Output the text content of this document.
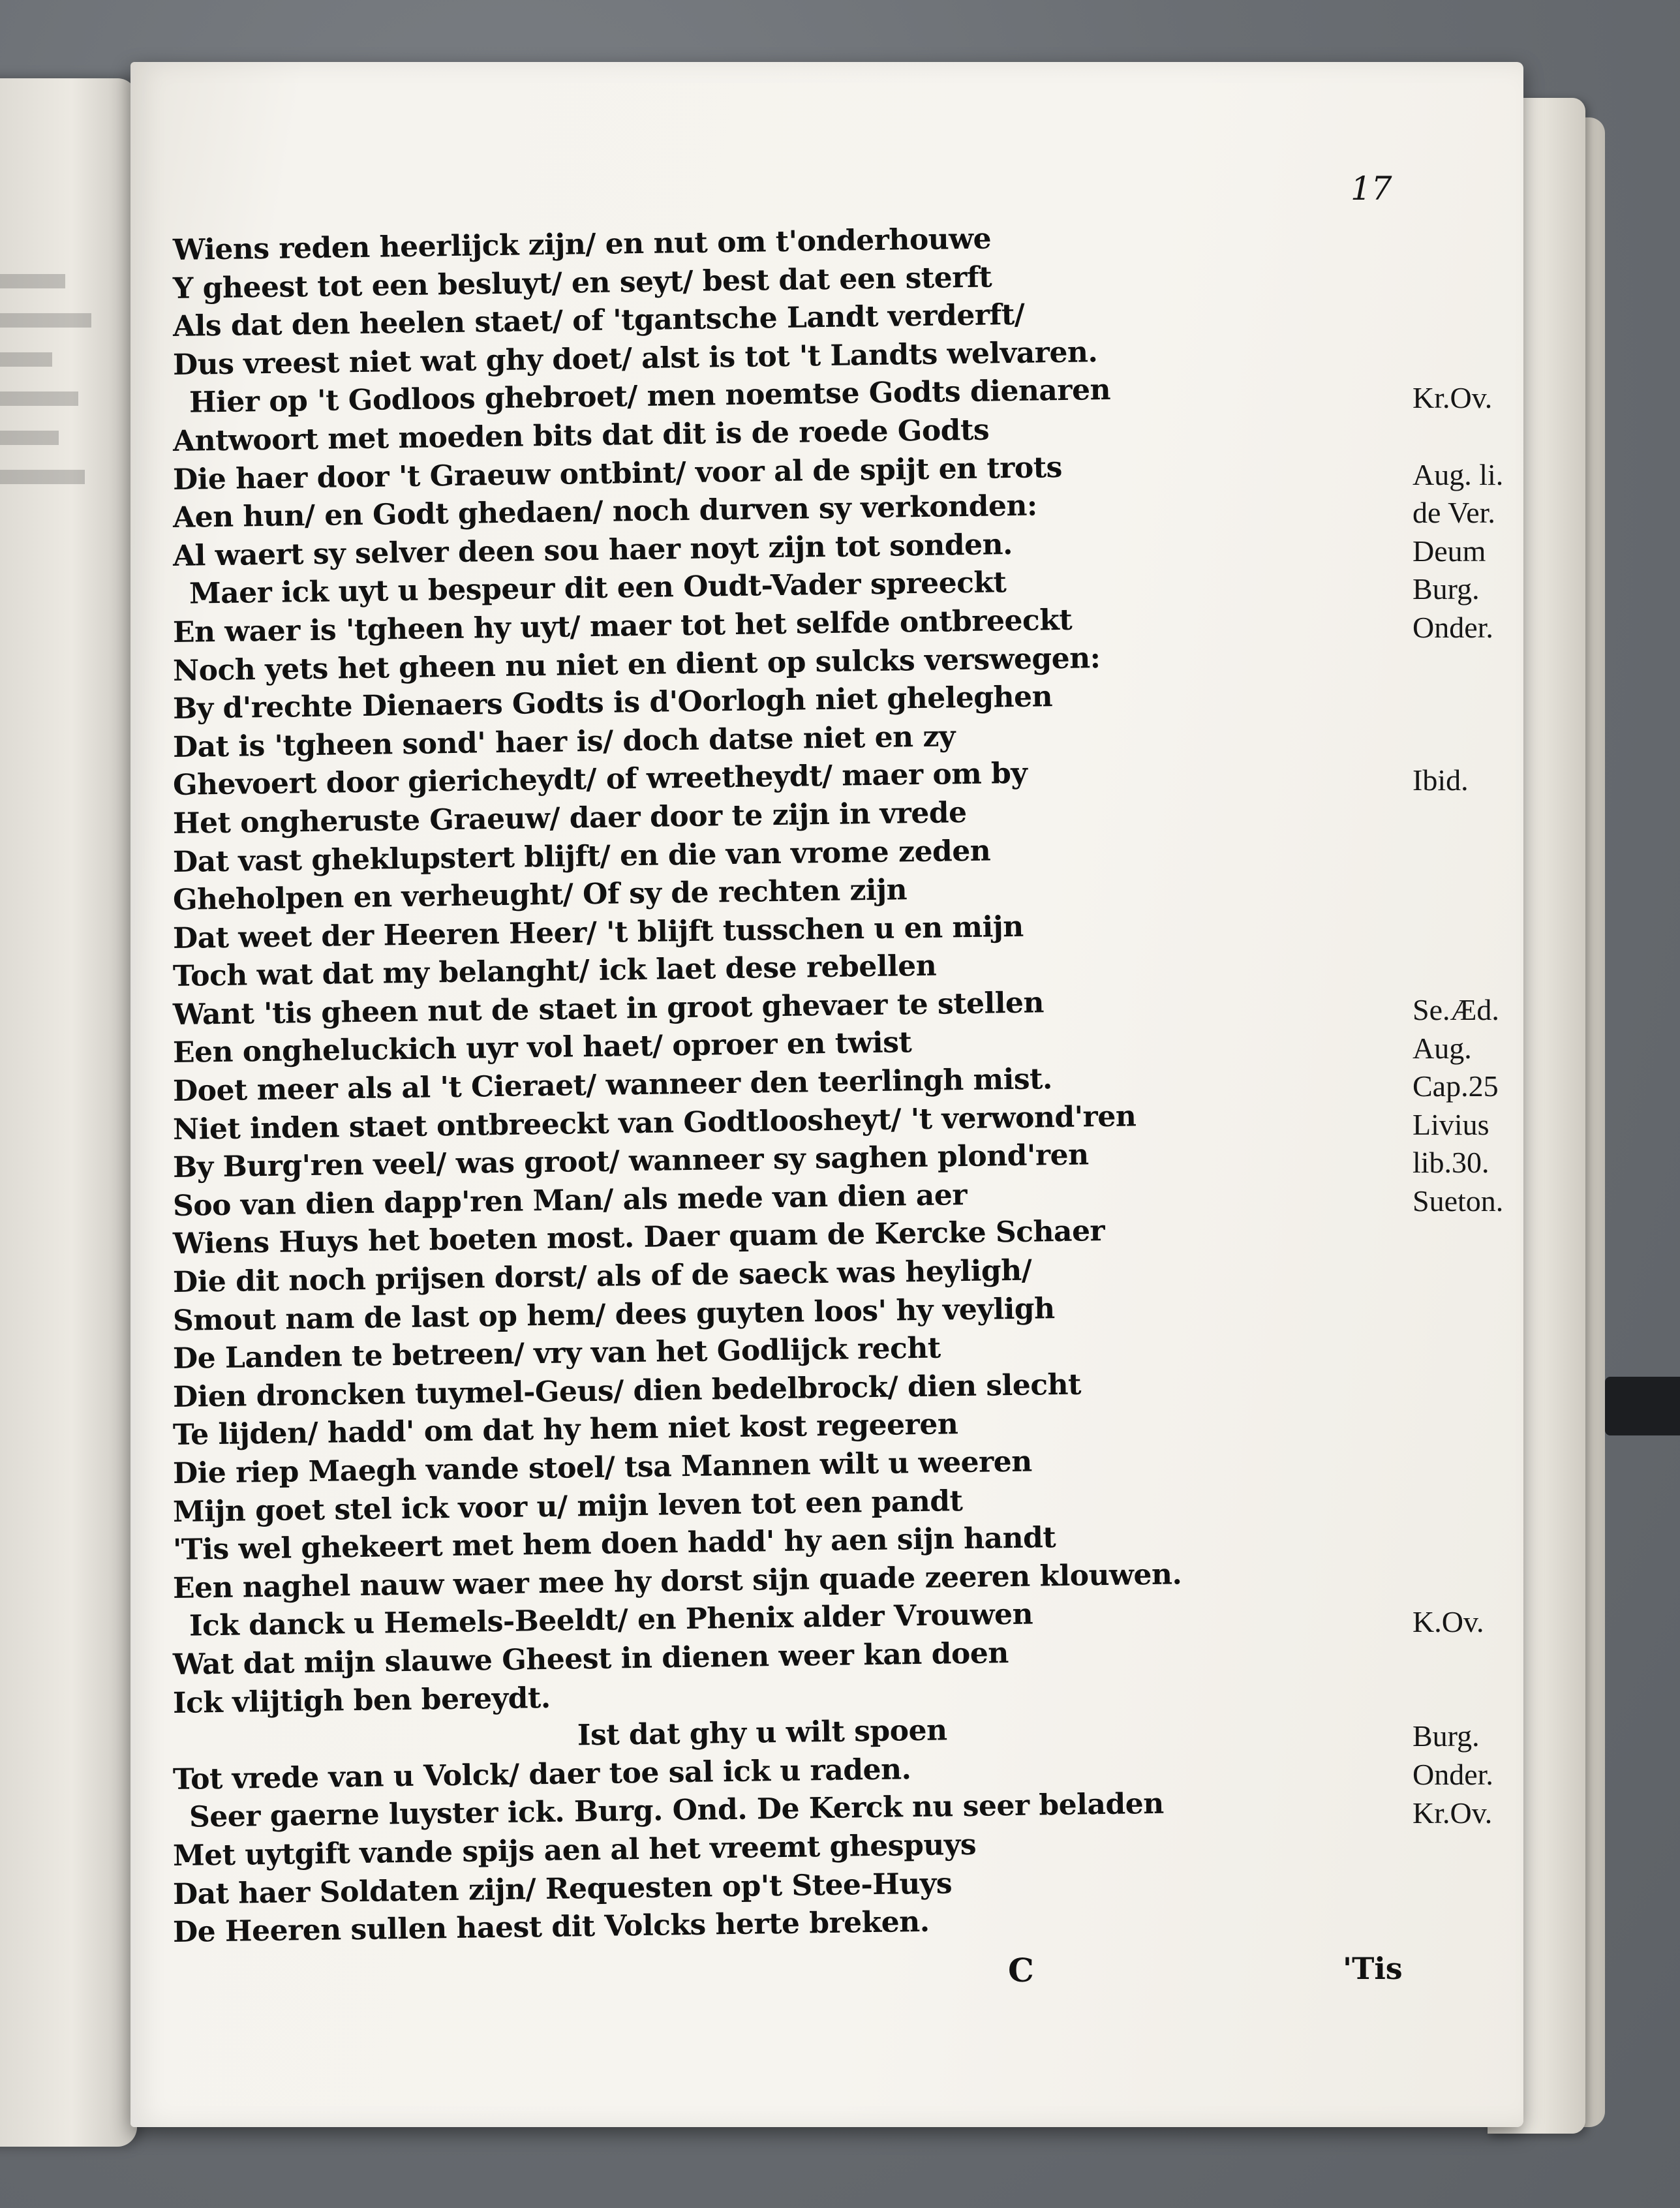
17
Wiens reden heerlijck zijn/ en nut om t'onderhouwe
Y gheest tot een besluyt/ en seyt/ best dat een sterft
Als dat den heelen staet/ of 'tgantsche Landt verderft/
Dus vreest niet wat ghy doet/ alst is tot 't Landts welvaren.
Hier op 't Godloos ghebroet/ men noemtse Godts dienaren
Antwoort met moeden bits dat dit is de roede Godts
Die haer door 't Graeuw ontbint/ voor al de spijt en trots
Aen hun/ en Godt ghedaen/ noch durven sy verkonden:
Al waert sy selver deen sou haer noyt zijn tot sonden.
Maer ick uyt u bespeur dit een Oudt-Vader spreeckt
En waer is 'tgheen hy uyt/ maer tot het selfde ontbreeckt
Noch yets het gheen nu niet en dient op sulcks verswegen:
By d'rechte Dienaers Godts is d'Oorlogh niet gheleghen
Dat is 'tgheen sond' haer is/ doch datse niet en zy
Ghevoert door giericheydt/ of wreetheydt/ maer om by
Het ongheruste Graeuw/ daer door te zijn in vrede
Dat vast gheklupstert blijft/ en die van vrome zeden
Gheholpen en verheught/ Of sy de rechten zijn
Dat weet der Heeren Heer/ 't blijft tusschen u en mijn
Toch wat dat my belanght/ ick laet dese rebellen
Want 'tis gheen nut de staet in groot ghevaer te stellen
Een ongheluckich uyr vol haet/ oproer en twist
Doet meer als al 't Cieraet/ wanneer den teerlingh mist.
Niet inden staet ontbreeckt van Godtloosheyt/ 't verwond'ren
By Burg'ren veel/ was groot/ wanneer sy saghen plond'ren
Soo van dien dapp'ren Man/ als mede van dien aer
Wiens Huys het boeten most. Daer quam de Kercke Schaer
Die dit noch prijsen dorst/ als of de saeck was heyligh/
Smout nam de last op hem/ dees guyten loos' hy veyligh
De Landen te betreen/ vry van het Godlijck recht
Dien droncken tuymel-Geus/ dien bedelbrock/ dien slecht
Te lijden/ hadd' om dat hy hem niet kost regeeren
Die riep Maegh vande stoel/ tsa Mannen wilt u weeren
Mijn goet stel ick voor u/ mijn leven tot een pandt
'Tis wel ghekeert met hem doen hadd' hy aen sijn handt
Een naghel nauw waer mee hy dorst sijn quade zeeren klouwen.
Ick danck u Hemels-Beeldt/ en Phenix alder Vrouwen
Wat dat mijn slauwe Gheest in dienen weer kan doen
Ick vlijtigh ben bereydt.
Ist dat ghy u wilt spoen
Tot vrede van u Volck/ daer toe sal ick u raden.
Seer gaerne luyster ick. Burg. Ond. De Kerck nu seer beladen
Met uytgift vande spijs aen al het vreemt ghespuys
Dat haer Soldaten zijn/ Requesten op't Stee-Huys
De Heeren sullen haest dit Volcks herte breken.
Kr.Ov.
Aug. li.
de Ver.
Deum
Burg.
Onder.
Ibid.
Se.Æd.
Aug.
Cap.25
Livius
lib.30.
Sueton.
K.Ov.
Burg.
Onder.
Kr.Ov.
C	'Tis
